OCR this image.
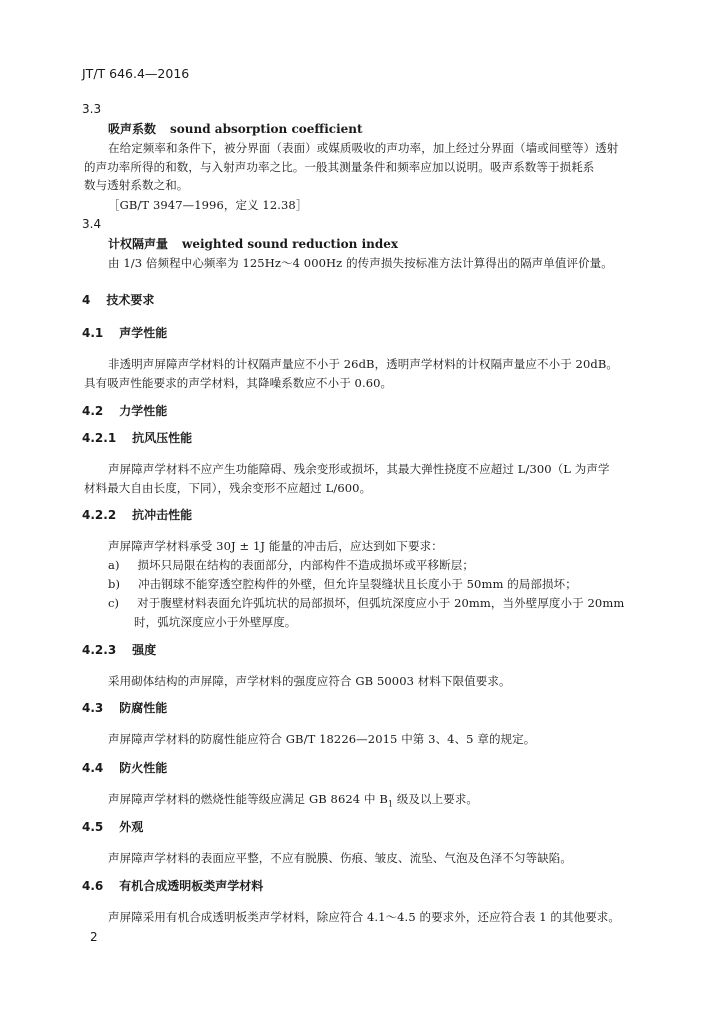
JT/T 646.4—2016
3.3
吸声系数 sound absorption coefficient
在给定频率和条件下，被分界面（表面）或媒质吸收的声功率，加上经过分界面（墙或间壁等）透射
的声功率所得的和数，与入射声功率之比。一般其测量条件和频率应加以说明。吸声系数等于损耗系
数与透射系数之和。
［GB/T 3947—1996，定义 12.38］
3.4
计权隔声量 weighted sound reduction index
由 1/3 倍频程中心频率为 125Hz～4 000Hz 的传声损失按标准方法计算得出的隔声单值评价量。
4 技术要求
4.1 声学性能
非透明声屏障声学材料的计权隔声量应不小于 26dB，透明声学材料的计权隔声量应不小于 20dB。
具有吸声性能要求的声学材料，其降噪系数应不小于 0.60。
4.2 力学性能
4.2.1 抗风压性能
声屏障声学材料不应产生功能障碍、残余变形或损坏，其最大弹性挠度不应超过 L/300（L 为声学
材料最大自由长度，下同），残余变形不应超过 L/600。
4.2.2 抗冲击性能
声屏障声学材料承受 30J ± 1J 能量的冲击后，应达到如下要求：
a) 损坏只局限在结构的表面部分，内部构件不造成损坏或平移断层；
b) 冲击钢球不能穿透空腔构件的外壁，但允许呈裂缝状且长度小于 50mm 的局部损坏；
c) 对于腹壁材料表面允许弧坑状的局部损坏，但弧坑深度应小于 20mm，当外壁厚度小于 20mm
时，弧坑深度应小于外壁厚度。
4.2.3 强度
采用砌体结构的声屏障，声学材料的强度应符合 GB 50003 材料下限值要求。
4.3 防腐性能
声屏障声学材料的防腐性能应符合 GB/T 18226—2015 中第 3、4、5 章的规定。
4.4 防火性能
声屏障声学材料的燃烧性能等级应满足 GB 8624 中 $B_1$ 级及以上要求。
4.5 外观
声屏障声学材料的表面应平整，不应有脱膜、伤痕、皱皮、流坠、气泡及色泽不匀等缺陷。
4.6 有机合成透明板类声学材料
声屏障采用有机合成透明板类声学材料，除应符合 4.1～4.5 的要求外，还应符合表 1 的其他要求。
2
